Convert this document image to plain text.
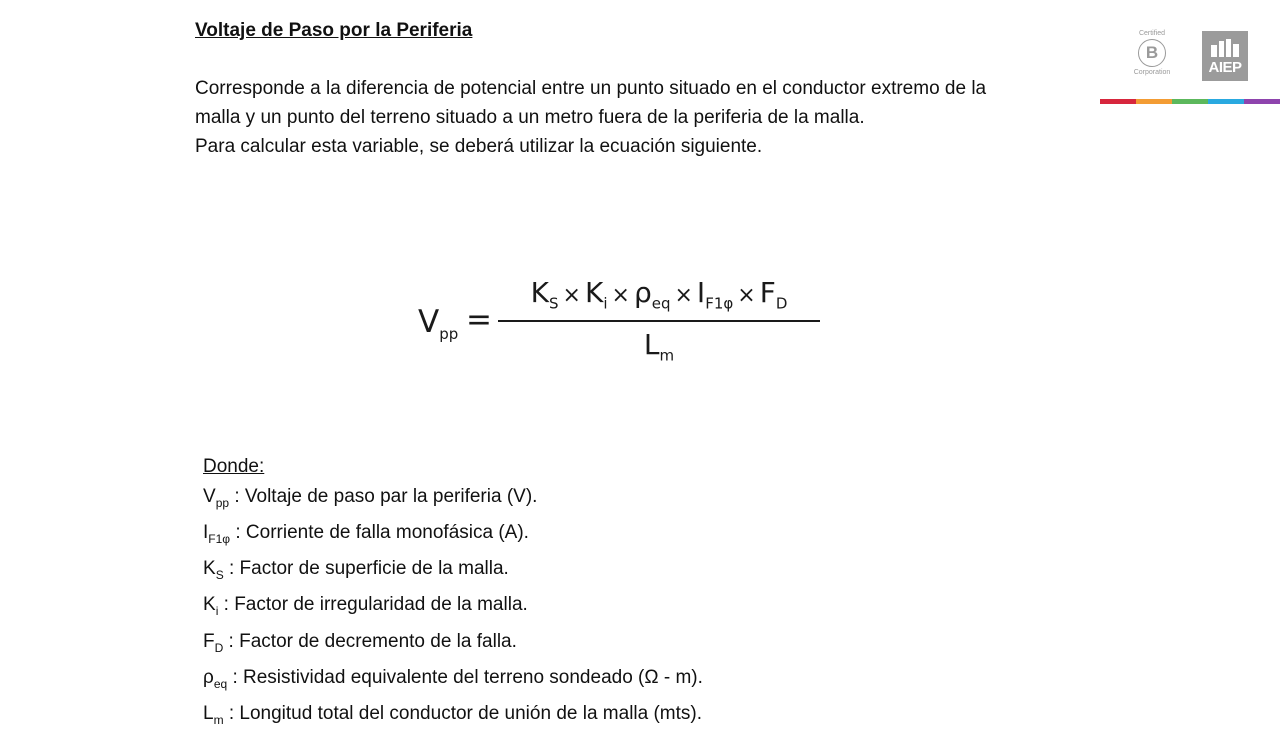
Voltaje de Paso por la Periferia

Corresponde a la diferencia de potencial entre un punto situado en el conductor extremo de la malla y un punto del terreno situado a un metro fuera de la periferia de la malla.

Para calcular esta variable, se deberá utilizar la ecuación siguiente.

$V_{pp}$ =
$K_S \times K_i \times \rho_{eq} \times I_{F1\varphi} \times F_D$
$L_m$
Donde:
$V_{pp}$ : Voltaje de paso par la periferia (V).
$I_{F1\varphi}$ : Corriente de falla monofásica (A).
$K_S$ : Factor de superficie de la malla.
$K_i$ : Factor de irregularidad de la malla.
$F_D$ : Factor de decremento de la falla.
$\rho_{eq}$ : Resistividad equivalente del terreno sondeado (Ω - m).
$L_m$ : Longitud total del conductor de unión de la malla (mts).
Certified
B
Corporation	AIEP
